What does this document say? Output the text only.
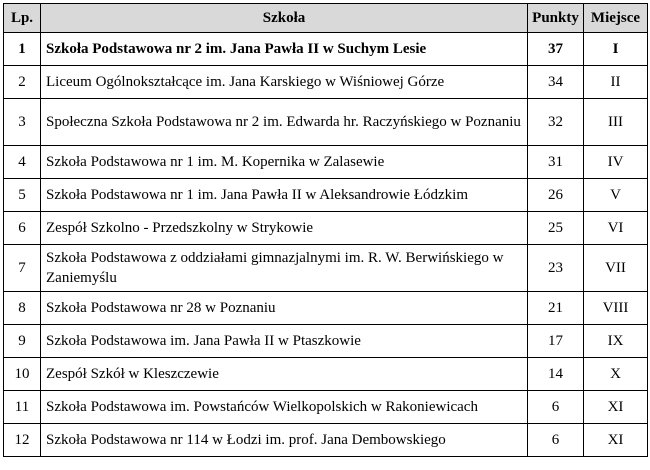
Lp.	Szkoła	Punkty	Miejsce
1	Szkoła Podstawowa nr 2 im. Jana Pawła II w Suchym Lesie	37	I
2	Liceum Ogólnokształcące im. Jana Karskiego w Wiśniowej Górze	34	II
3	Społeczna Szkoła Podstawowa nr 2 im. Edwarda hr. Raczyńskiego w Poznaniu	32	III
4	Szkoła Podstawowa nr 1 im. M. Kopernika w Zalasewie	31	IV
5	Szkoła Podstawowa nr 1 im. Jana Pawła II w Aleksandrowie Łódzkim	26	V
6	Zespół Szkolno - Przedszkolny w Strykowie	25	VI
7	Szkoła Podstawowa z oddziałami gimnazjalnymi im. R. W. Berwińskiego w Zaniemyślu	23	VII
8	Szkoła Podstawowa nr 28 w Poznaniu	21	VIII
9	Szkoła Podstawowa im. Jana Pawła II w Ptaszkowie	17	IX
10	Zespół Szkół w Kleszczewie	14	X
11	Szkoła Podstawowa im. Powstańców Wielkopolskich w Rakoniewicach	6	XI
12	Szkoła Podstawowa nr 114 w Łodzi im. prof. Jana Dembowskiego	6	XI
